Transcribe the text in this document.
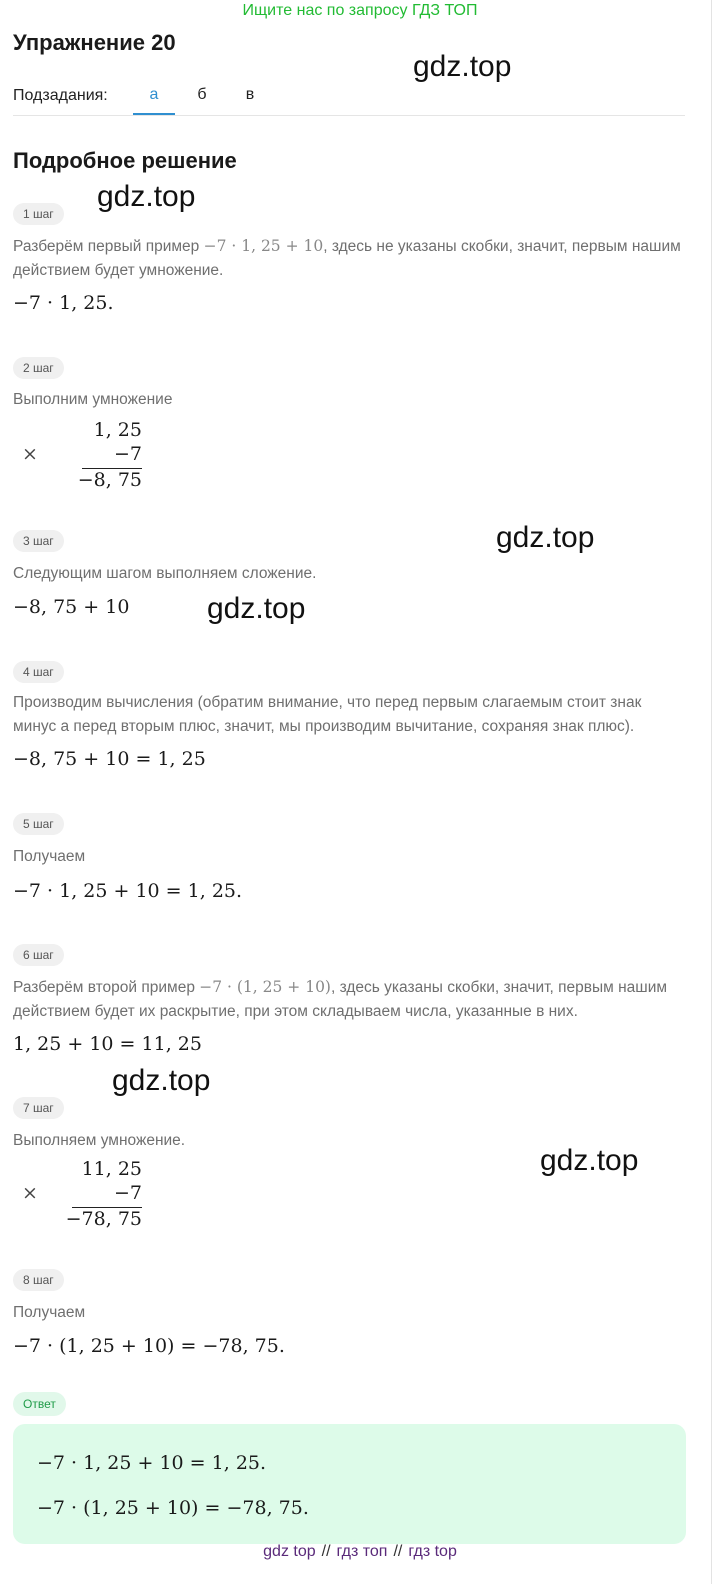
Ищите нас по запросу ГДЗ ТОП
Упражнение 20
Подзадания:	а	б	в
Подробное решение
1 шаг
Разберём первый пример −7 · 1, 25 + 10, здесь не указаны скобки, значит, первым нашим действием будет умножение.
−7 · 1, 25.
2 шаг
Выполним умножение
×
1, 25
−7
−8, 75
3 шаг
Следующим шагом выполняем сложение.
−8, 75 + 10
4 шаг
Производим вычисления (обратим внимание, что перед первым слагаемым стоит знак минус а перед вторым плюс, значит, мы производим вычитание, сохраняя знак плюс).
−8, 75 + 10 = 1, 25
5 шаг
Получаем
−7 · 1, 25 + 10 = 1, 25.
6 шаг
Разберём второй пример −7 · (1, 25 + 10), здесь указаны скобки, значит, первым нашим действием будет их раскрытие, при этом складываем числа, указанные в них.
1, 25 + 10 = 11, 25
7 шаг
Выполняем умножение.
×
11, 25
−7
−78, 75
8 шаг
Получаем
−7 · (1, 25 + 10) = −78, 75.
Ответ
−7 · 1, 25 + 10 = 1, 25.
−7 · (1, 25 + 10) = −78, 75.
gdz.top
gdz.top
gdz.top
gdz.top
gdz.top
gdz.top
gdz top // гдз топ // гдз top
